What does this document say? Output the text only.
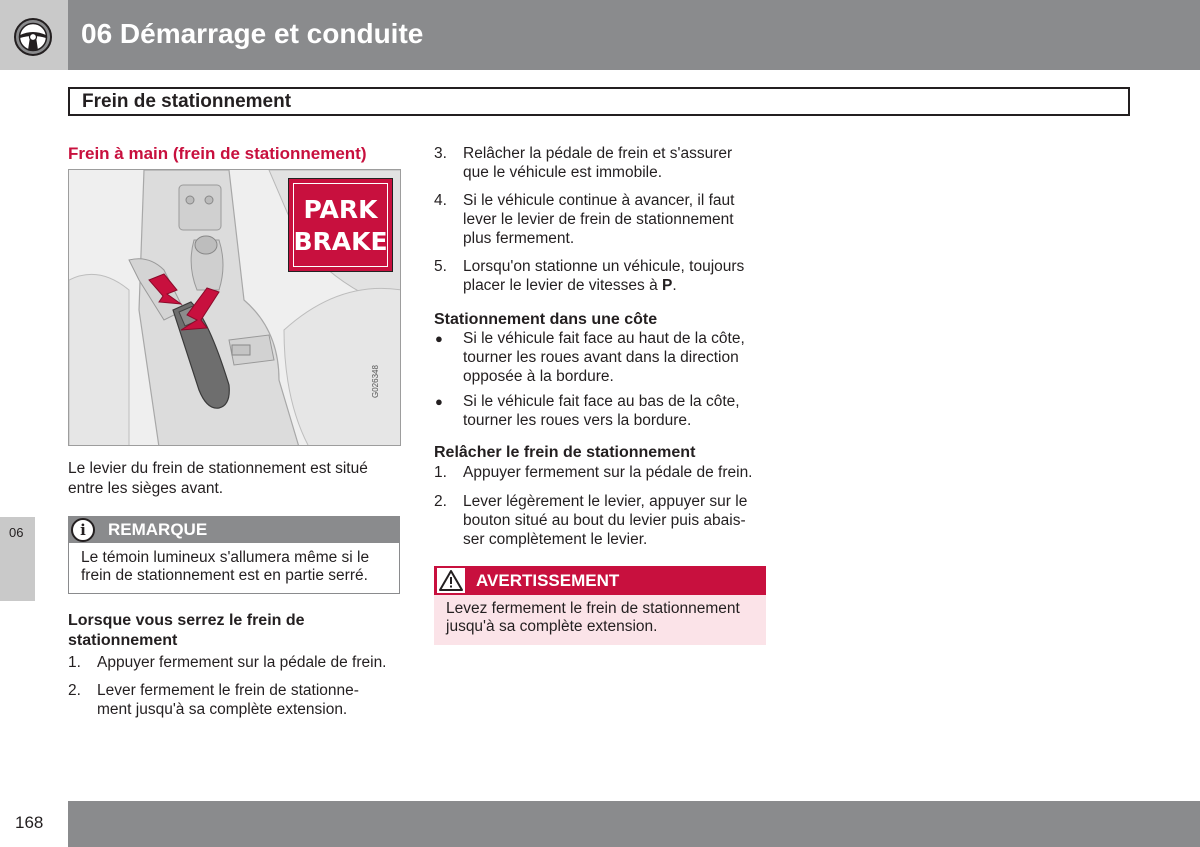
06 Démarrage et conduite
Frein de stationnement
06
Frein à main (frein de stationnement)
PARK
BRAKE
G026348
Le levier du frein de stationnement est situé
entre les sièges avant.
i	REMARQUE
Le témoin lumineux s'allumera même si le
frein de stationnement est en partie serré.
Lorsque vous serrez le frein de
stationnement
1. Appuyer fermement sur la pédale de frein.
2. Lever fermement le frein de stationne-
ment jusqu'à sa complète extension.
3. Relâcher la pédale de frein et s'assurer
que le véhicule est immobile.
4. Si le véhicule continue à avancer, il faut
lever le levier de frein de stationnement
plus fermement.
5. Lorsqu'on stationne un véhicule, toujours
placer le levier de vitesses à P.
Stationnement dans une côte
● Si le véhicule fait face au haut de la côte,
tourner les roues avant dans la direction
opposée à la bordure.
● Si le véhicule fait face au bas de la côte,
tourner les roues vers la bordure.
Relâcher le frein de stationnement
1. Appuyer fermement sur la pédale de frein.
2. Lever légèrement le levier, appuyer sur le
bouton situé au bout du levier puis abais-
ser complètement le levier.
AVERTISSEMENT
Levez fermement le frein de stationnement
jusqu'à sa complète extension.
168
